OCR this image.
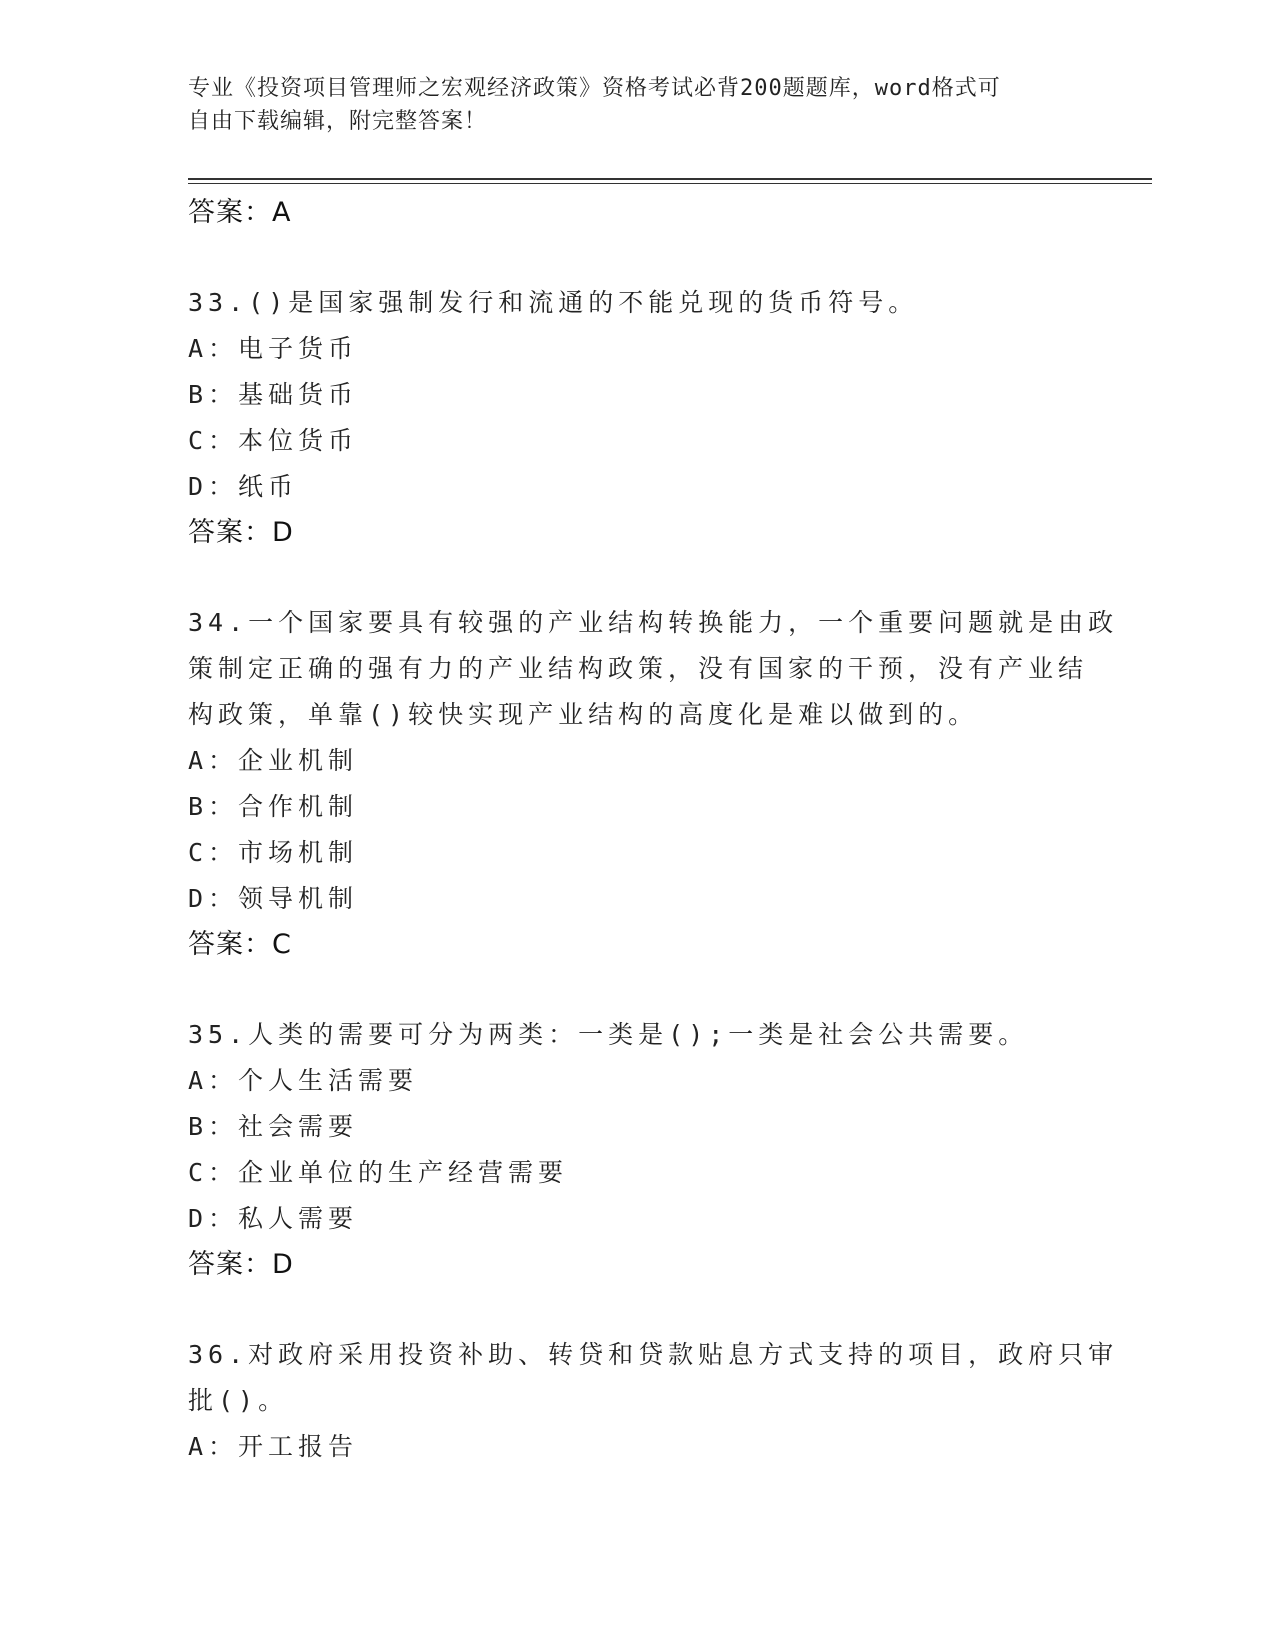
专业《投资项目管理师之宏观经济政策》资格考试必背200题题库，word格式可
自由下载编辑，附完整答案！
答案：A
33.()是国家强制发行和流通的不能兑现的货币符号。
A：电子货币
B：基础货币
C：本位货币
D：纸币
答案：D
34.一个国家要具有较强的产业结构转换能力，一个重要问题就是由政
策制定正确的强有力的产业结构政策，没有国家的干预，没有产业结
构政策，单靠()较快实现产业结构的高度化是难以做到的。
A：企业机制
B：合作机制
C：市场机制
D：领导机制
答案：C
35.人类的需要可分为两类：一类是();一类是社会公共需要。
A：个人生活需要
B：社会需要
C：企业单位的生产经营需要
D：私人需要
答案：D
36.对政府采用投资补助、转贷和贷款贴息方式支持的项目，政府只审
批()。
A：开工报告
